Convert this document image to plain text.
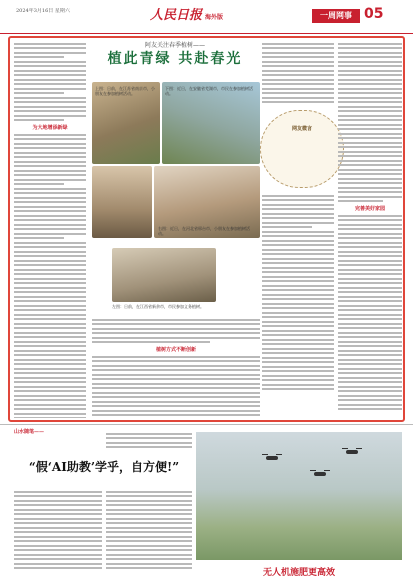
2024年3月16日 星期六	人民日报 海外版	一周网事 05
为大地增添新绿
阿友关注春季植树——
植此青绿 共赴春光
上图：日前，在江苏省南京市，小朋友在参加植树活动。
下图：近日，在安徽省芜湖市，市民在参加植树活动。
左图：日前，在江西省新余市，市民参加义务植树。
右图：近日，在河北省邢台市，小朋友在参加植树活动。
网友微言
植树方式不断创新
完善美好家园
山水随笔——
“假‘AI助教’学乎，自方便!”
无人机施肥更高效
